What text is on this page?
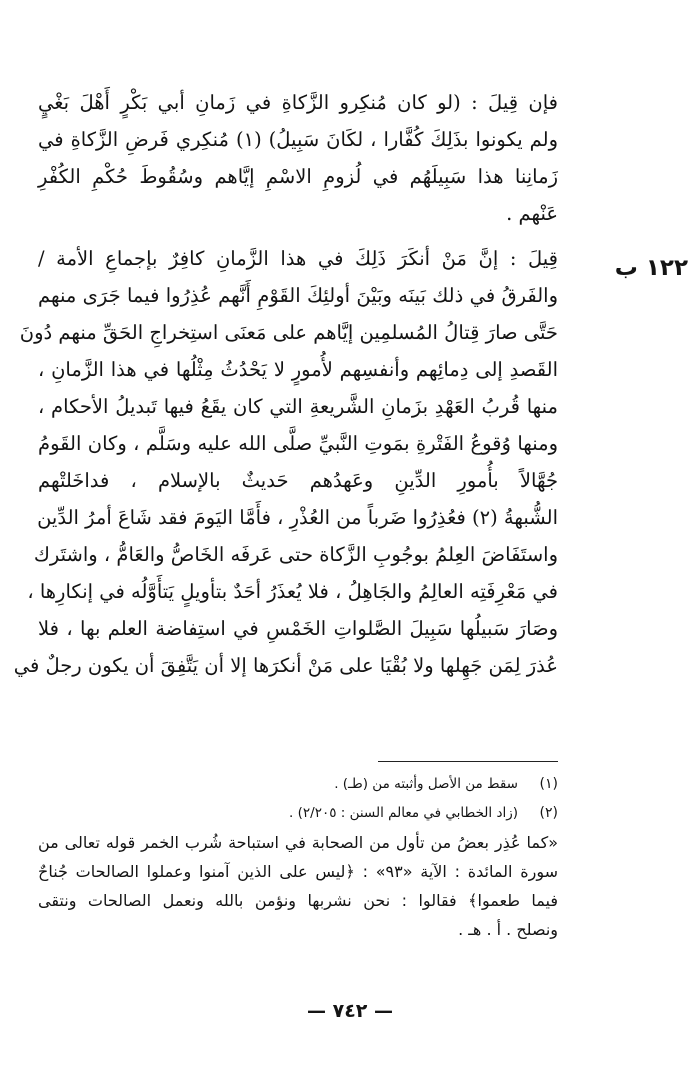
١٢٢ ب
فإن قِيلَ : (لو كان مُنكِرو الزَّكاةِ في زَمانِ أبي بَكْرٍ أَهْلَ بَغْيٍ
ولم يكونوا بذَلِكَ كُفَّارا ، لكَانَ سَبِيلُ) (١) مُنكِري فَرضِ الزَّكاةِ في
زَمانِنا هذا سَبِيلَهُم في لُزومِ الاسْمِ إيَّاهم وسُقُوطَ حُكْمِ الكُفْرِ
عَنْهم .
قِيلَ : إنَّ مَنْ أنكَرَ ذَلِكَ في هذا الزَّمانِ كافِرٌ بإجماعِ الأمة /
والفَرقُ في ذلك بَينَه وبَيْنَ أولئِكَ القَوْمِ أَنَّهم عُذِرُوا فيما جَرَى منهم
حَتَّى صارَ قِتالُ المُسلمِين إيَّاهم على مَعنَى استِخراجِ الحَقِّ منهم دُونَ
القَصدِ إلى دِمائِهم وأنفسِهم لأُمورٍ لا يَحْدُثُ مِثْلُها في هذا الزَّمانِ ،
منها قُربُ العَهْدِ بزَمانِ الشَّريعةِ التي كان يقَعُ فيها تَبديلُ الأحكام ،
ومنها وُقوعُ الفَتْرةِ بمَوتِ النَّبيِّ صلَّى الله عليه وسَلَّم ، وكان القَومُ
جُهَّالاً بأُمورِ الدِّينِ وعَهدُهم حَديثٌ بالإسلام ، فداخَلتْهم
الشُّبهةُ (٢) فعُذِرُوا ضَرباً من العُذْرِ ، فأَمَّا اليَومَ فقد شَاعَ أمرُ الدِّين
واستَفَاضَ العِلمُ بوجُوبِ الزَّكاة حتى عَرفَه الخَاصُّ والعَامُّ ، واشتَرك
في مَعْرِفَتِه العالِمُ والجَاهِلُ ، فلا يُعذَرُ أحَدٌ بتأويلٍ يَتأَوَّلُه في إنكارِها ،
وصَارَ سَبيلُها سَبِيلَ الصَّلواتِ الخَمْسِ في استِفاضة العلم بها ، فلا
عُذرَ لِمَن جَهِلها ولا بُقْيَا على مَنْ أنكرَها إلا أن يَتَّفِقَ أن يكون رجلٌ في
(١)
سقط من الأصل وأثبته من (طـ) .
(٢)
(زاد الخطابي في معالم السنن : ٢/٢٠٥) .
«كما عُذِر بعضُ من تأول من الصحابة في استباحة شُرب الخمر قوله تعالى من
سورة المائدة : الآية «٩٣» : ﴿ليس على الذين آمنوا وعملوا الصالحات جُناحٌ
فيما طعموا﴾ فقالوا : نحن نشربها ونؤمن بالله ونعمل الصالحات ونتقى
ونصلح . أ . هـ .
— ٧٤٢ —
